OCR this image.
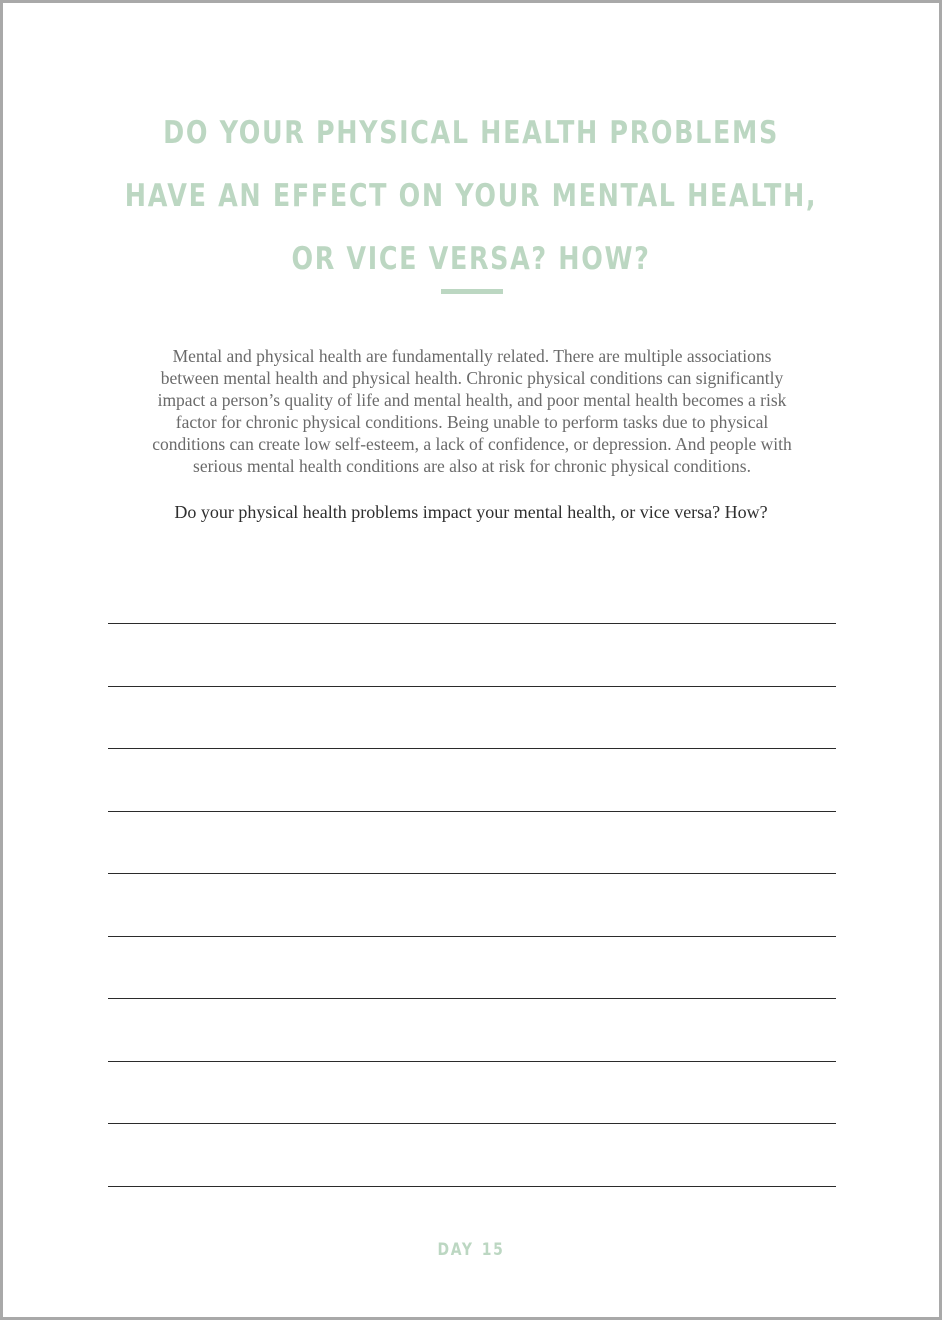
DO YOUR PHYSICAL HEALTH PROBLEMS
HAVE AN EFFECT ON YOUR MENTAL HEALTH,
OR VICE VERSA? HOW?

Mental and physical health are fundamentally related. There are multiple associations between mental health and physical health. Chronic physical conditions can significantly impact a person’s quality of life and mental health, and poor mental health becomes a risk factor for chronic physical conditions. Being unable to perform tasks due to physical conditions can create low self-esteem, a lack of confidence, or depression. And people with serious mental health conditions are also at risk for chronic physical conditions.

Do your physical health problems impact your mental health, or vice versa? How?

DAY 15
